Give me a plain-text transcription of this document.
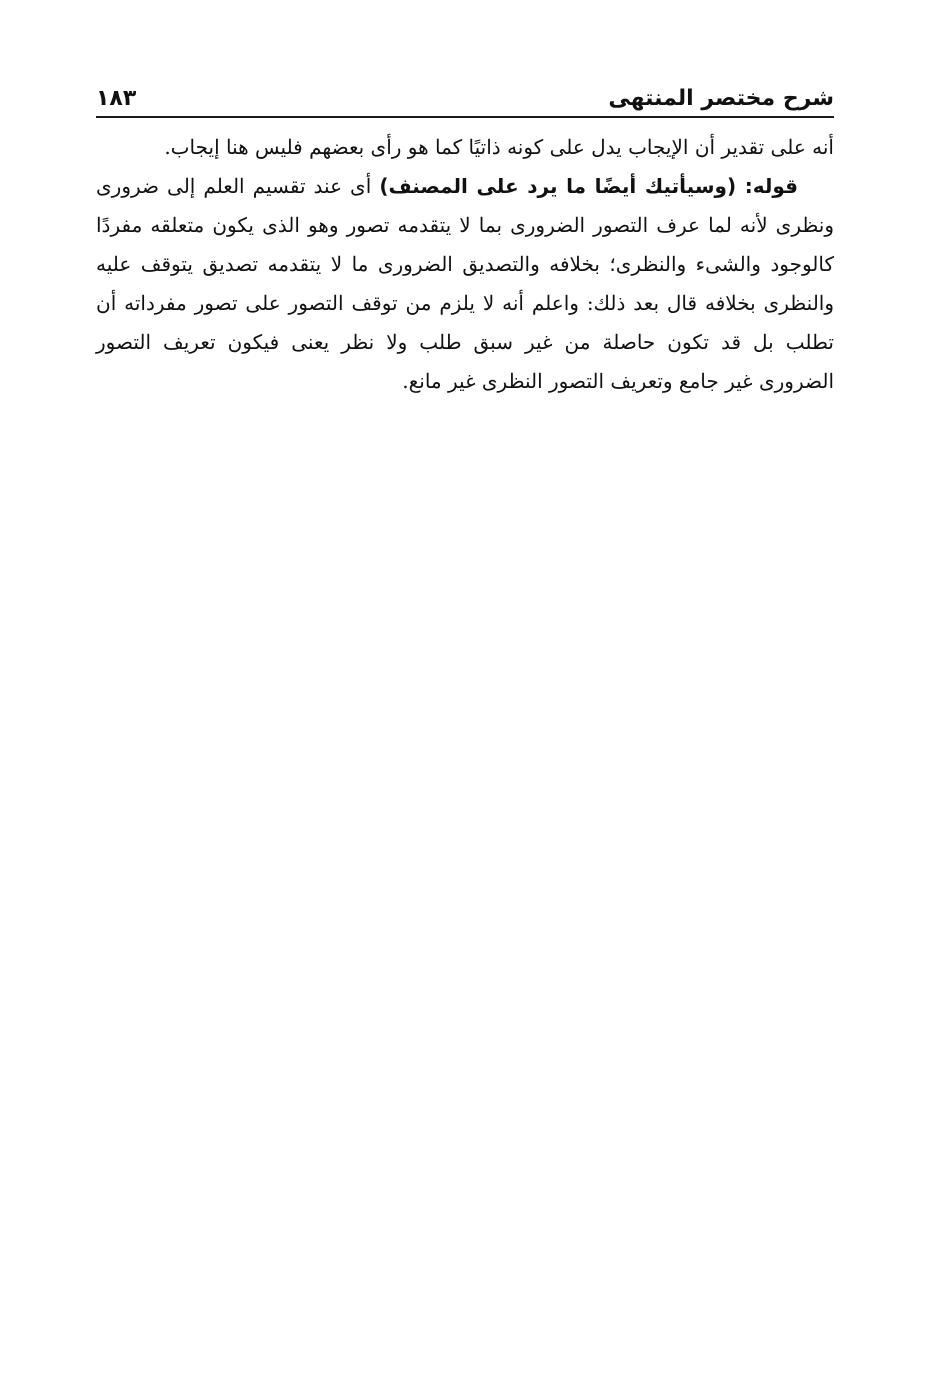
شرح مختصر المنتهى
١٨٣

أنه على تقدير أن الإيجاب يدل على كونه ذاتيًا كما هو رأى بعضهم فليس هنا إيجاب.

قوله: (وسيأتيك أيضًا ما يرد على المصنف) أى عند تقسيم العلم إلى ضرورى ونظرى لأنه لما عرف التصور الضرورى بما لا يتقدمه تصور وهو الذى يكون متعلقه مفردًا كالوجود والشىء والنظرى؛ بخلافه والتصديق الضرورى ما لا يتقدمه تصديق يتوقف عليه والنظرى بخلافه قال بعد ذلك: واعلم أنه لا يلزم من توقف التصور على تصور مفرداته أن تطلب بل قد تكون حاصلة من غير سبق طلب ولا نظر يعنى فيكون تعريف التصور الضرورى غير جامع وتعريف التصور النظرى غير مانع.
